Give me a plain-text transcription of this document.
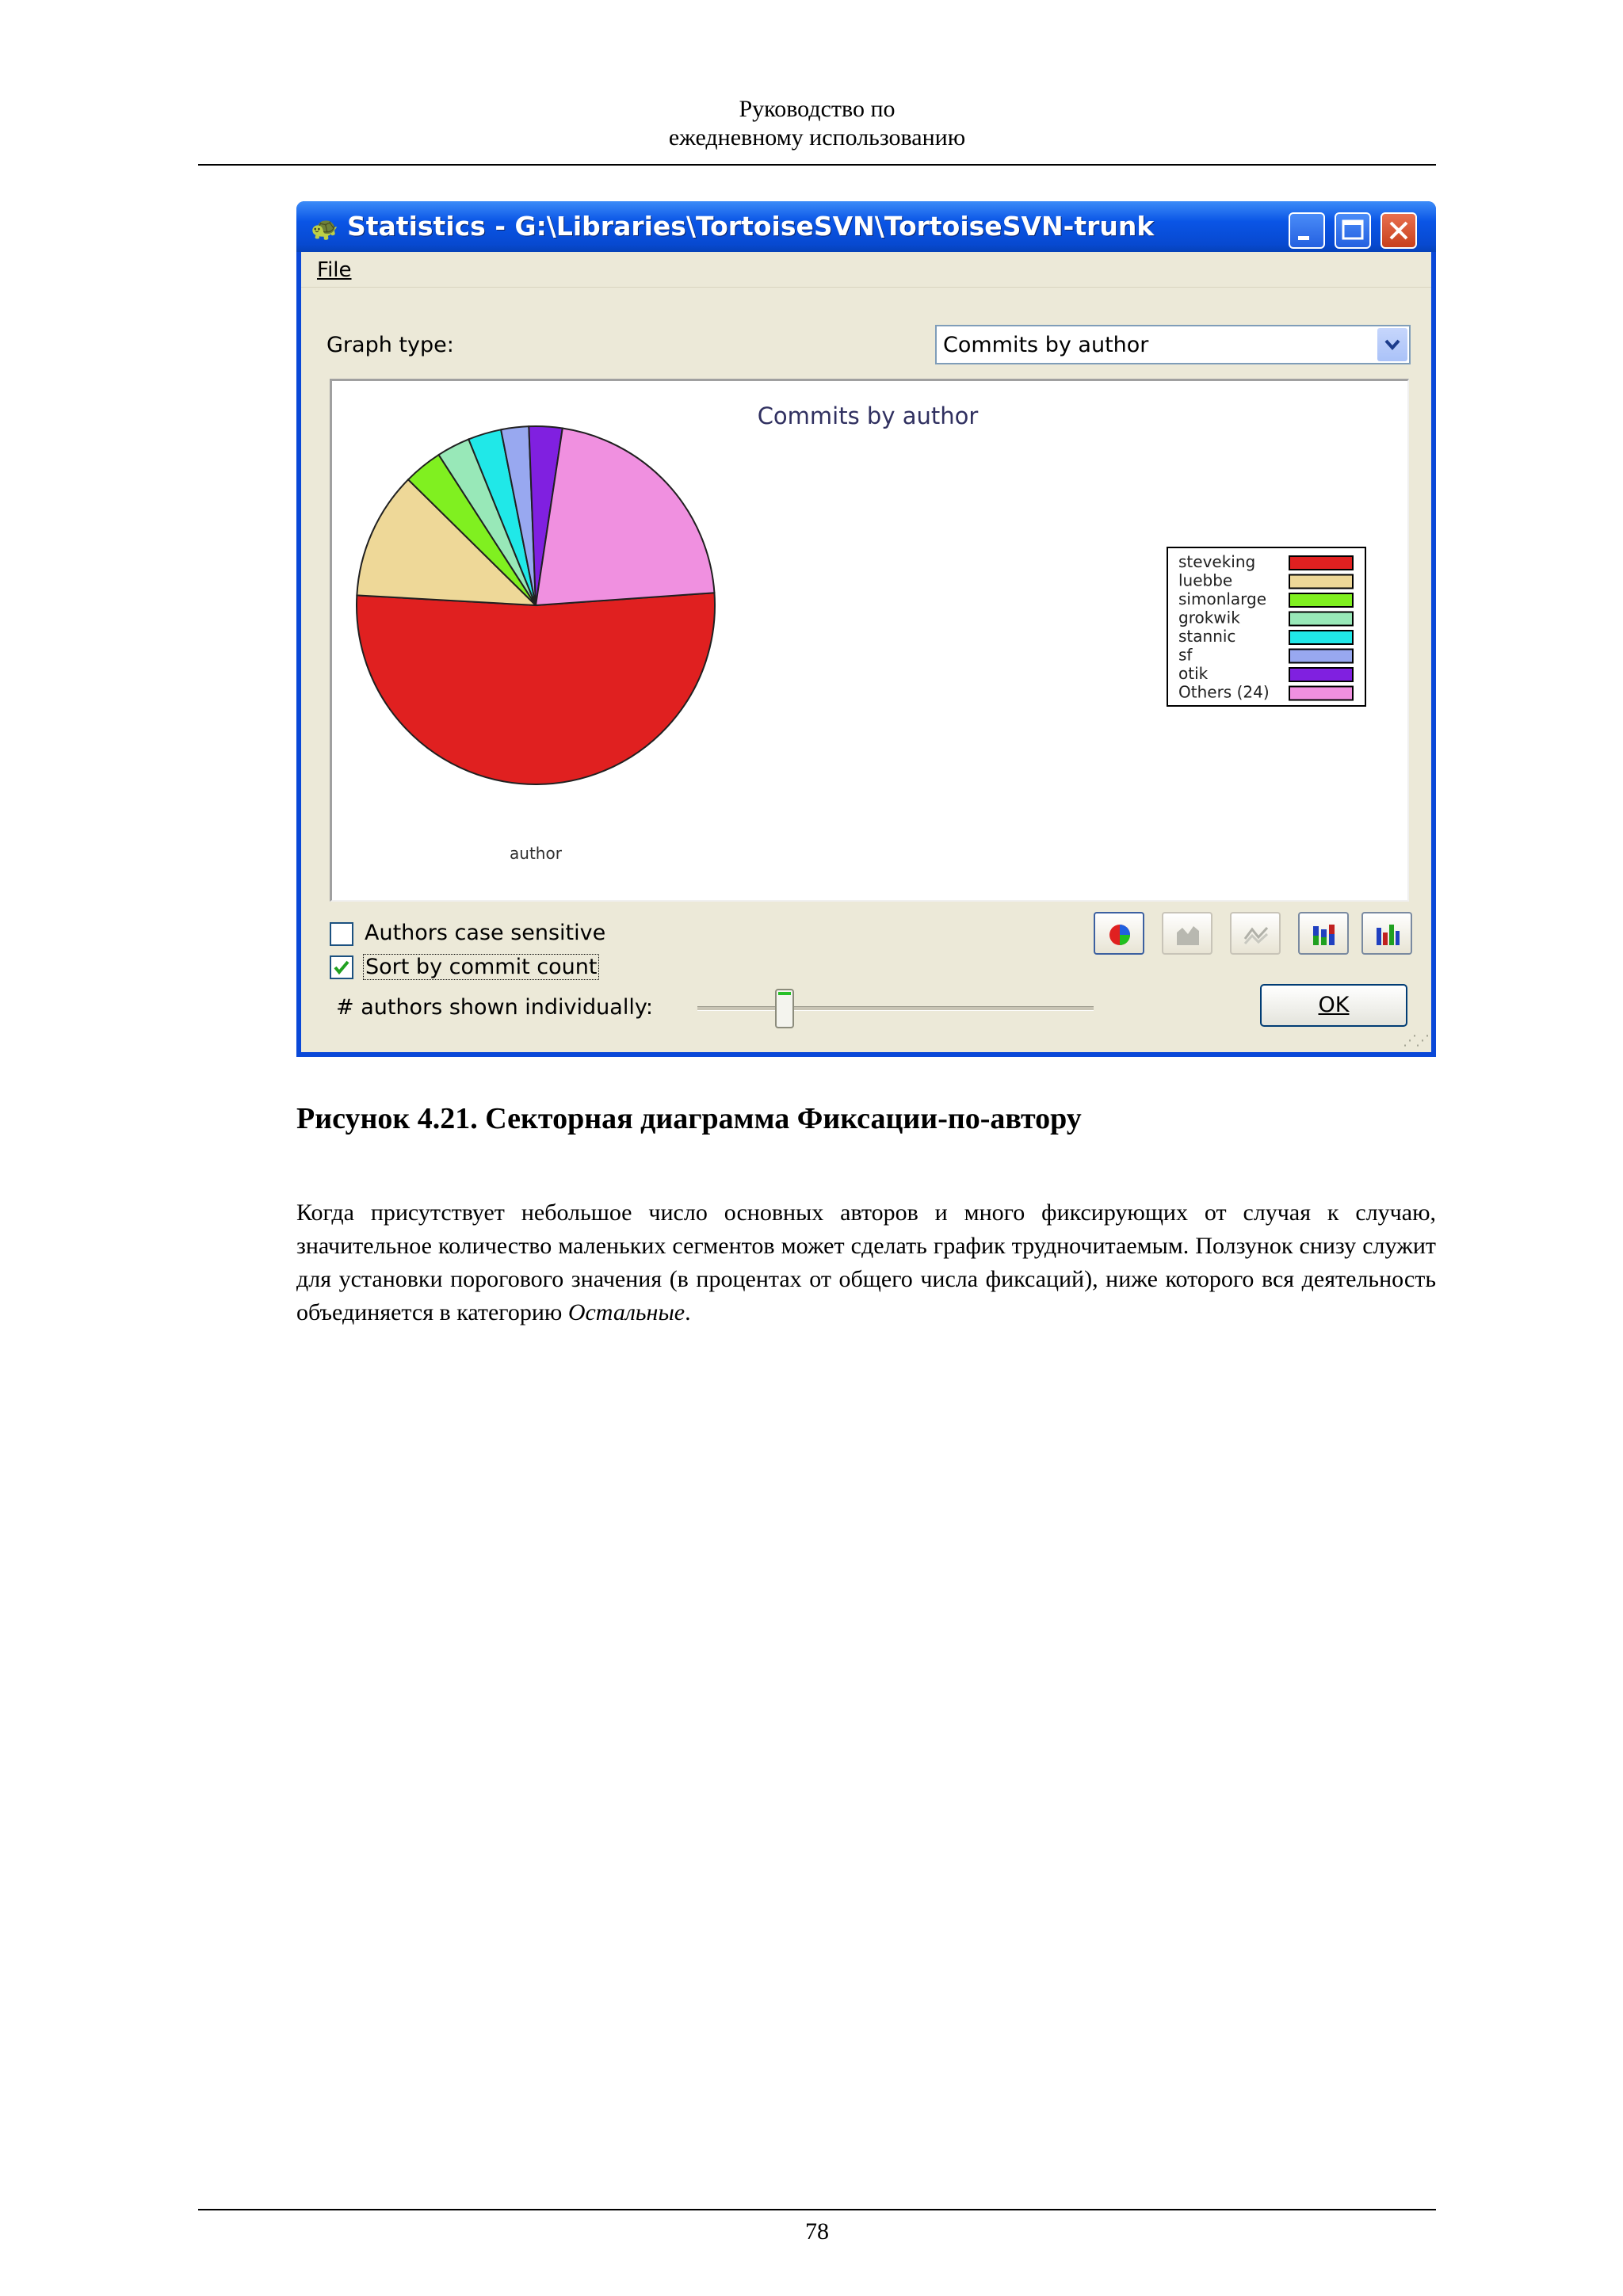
Руководство по
ежедневному использованию
🐢 Statistics - G:\Libraries\TortoiseSVN\TortoiseSVN-trunk
File
Graph type:	Commits by author
Commits by author
author
steveking
luebbe
simonlarge
grokwik
stannic
sf
otik
Others (24)
Authors case sensitive
Sort by commit count
# authors shown individually:	OK
⋰⋰
Рисунок 4.21. Секторная диаграмма Фиксации-по-автору

Когда присутствует небольшое число основных авторов и много фиксирующих от случая к случаю, значительное количество маленьких сегментов может сделать график трудночитаемым. Ползунок снизу служит для установки порогового значения (в процентах от общего числа фиксаций), ниже которого вся деятельность объединяется в категорию Остальные.

78
